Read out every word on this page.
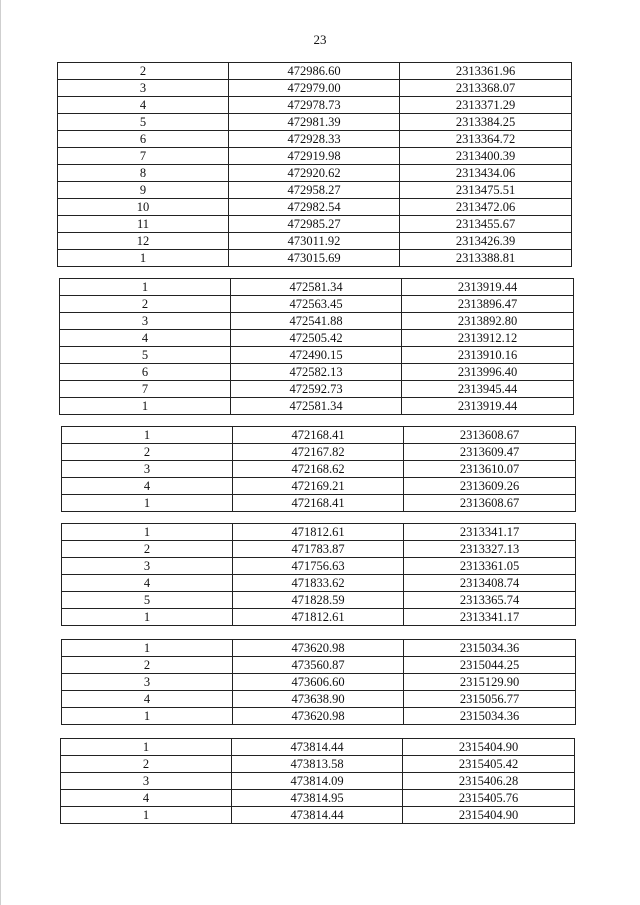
23
2	472986.60	2313361.96
3	472979.00	2313368.07
4	472978.73	2313371.29
5	472981.39	2313384.25
6	472928.33	2313364.72
7	472919.98	2313400.39
8	472920.62	2313434.06
9	472958.27	2313475.51
10	472982.54	2313472.06
11	472985.27	2313455.67
12	473011.92	2313426.39
1	473015.69	2313388.81
1	472581.34	2313919.44
2	472563.45	2313896.47
3	472541.88	2313892.80
4	472505.42	2313912.12
5	472490.15	2313910.16
6	472582.13	2313996.40
7	472592.73	2313945.44
1	472581.34	2313919.44
1	472168.41	2313608.67
2	472167.82	2313609.47
3	472168.62	2313610.07
4	472169.21	2313609.26
1	472168.41	2313608.67
1	471812.61	2313341.17
2	471783.87	2313327.13
3	471756.63	2313361.05
4	471833.62	2313408.74
5	471828.59	2313365.74
1	471812.61	2313341.17
1	473620.98	2315034.36
2	473560.87	2315044.25
3	473606.60	2315129.90
4	473638.90	2315056.77
1	473620.98	2315034.36
1	473814.44	2315404.90
2	473813.58	2315405.42
3	473814.09	2315406.28
4	473814.95	2315405.76
1	473814.44	2315404.90
